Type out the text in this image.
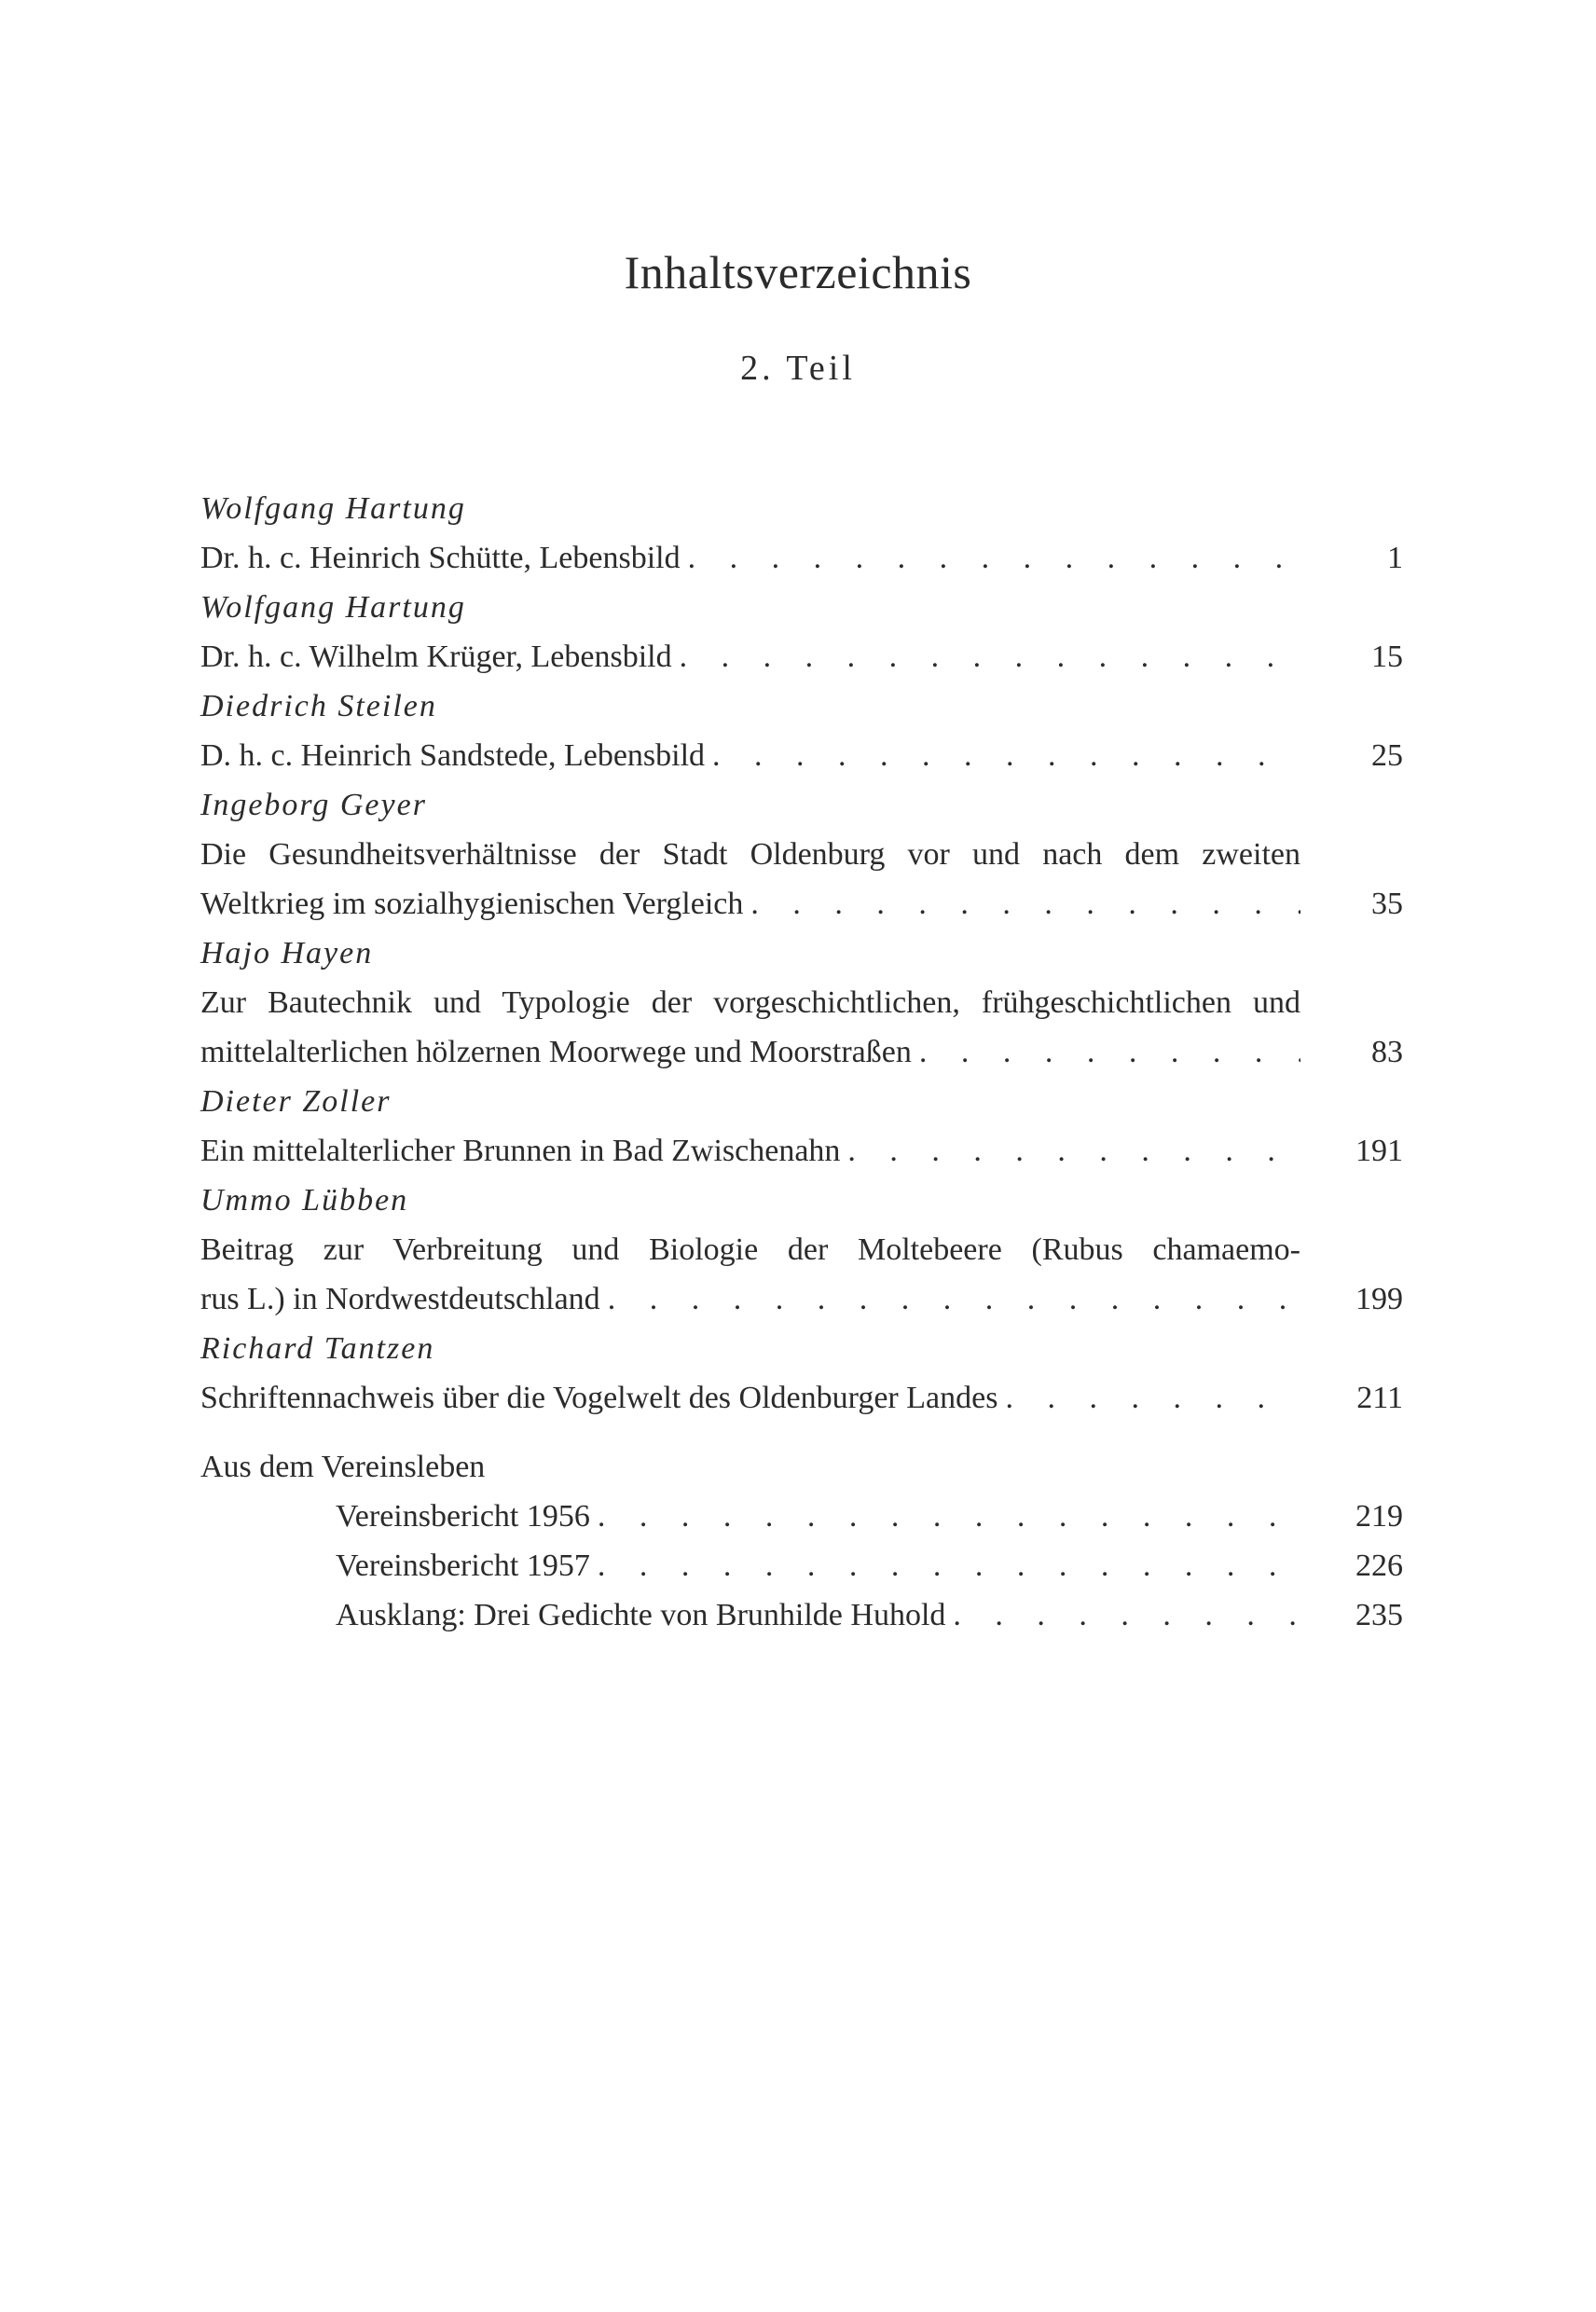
Inhaltsverzeichnis
2. Teil
Wolfgang Hartung
Dr. h. c. Heinrich Schütte, Lebensbild . . .	1
Wolfgang Hartung
Dr. h. c. Wilhelm Krüger, Lebensbild . . .	15
Diedrich Steilen
D. h. c. Heinrich Sandstede, Lebensbild . . .	25
Ingeborg Geyer
Die Gesundheitsverhältnisse der Stadt Oldenburg vor und nach dem zweiten
Weltkrieg im sozialhygienischen Vergleich . . .	35
Hajo Hayen
Zur Bautechnik und Typologie der vorgeschichtlichen, frühgeschichtlichen und
mittelalterlichen hölzernen Moorwege und Moorstraßen . . .	83
Dieter Zoller
Ein mittelalterlicher Brunnen in Bad Zwischenahn . . .	191
Ummo Lübben
Beitrag zur Verbreitung und Biologie der Moltebeere (Rubus chamaemo-
rus L.) in Nordwestdeutschland . . .	199
Richard Tantzen
Schriftennachweis über die Vogelwelt des Oldenburger Landes . . .	211
Aus dem Vereinsleben
Vereinsbericht 1956 . . .	219
Vereinsbericht 1957 . . .	226
Ausklang: Drei Gedichte von Brunhilde Huhold . . .	235
